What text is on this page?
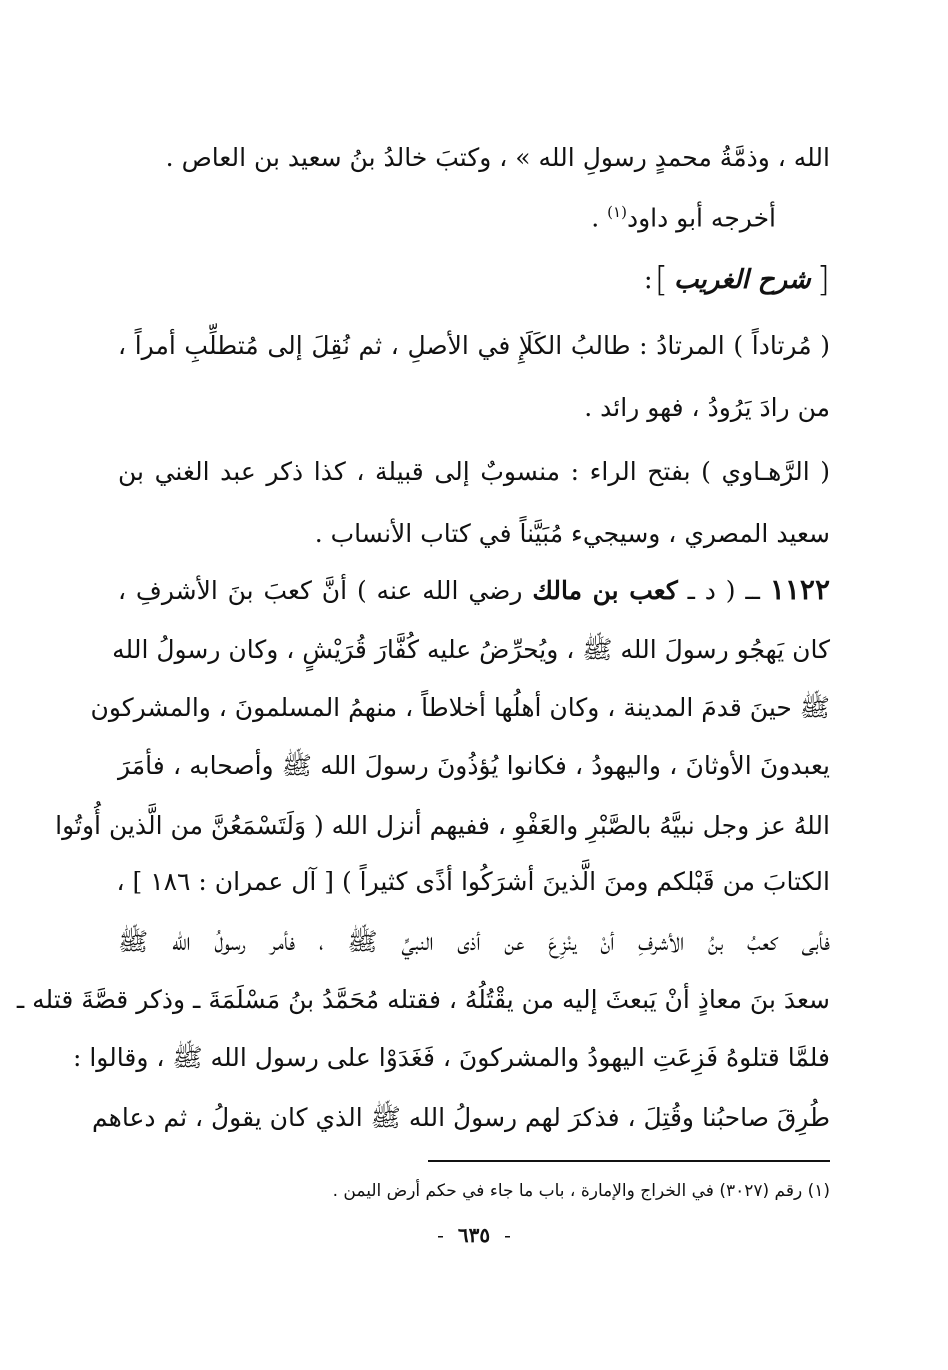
الله ، وذمَّةُ محمدٍ رسولِ الله » ، وكتبَ خالدُ بنُ سعيد بن العاص .
أخرجه أبو داود$^{(١)}$ .
[
شرح الغريب
]
:
( مُرتاداً ) المرتادُ : طالبُ الكَلَإِ في الأصلِ ، ثم نُقِلَ إلى مُتطلِّبِ أمراً ،
من رادَ يَرُودُ ، فهو رائد .
( الرَّهـاوي ) بفتح الراء : منسوبٌ إلى قبيلة ، كذا ذكر عبد الغني بن
سعيد المصري ، وسيجيء مُبَيَّناً في كتاب الأنساب .
١١٢٢ ــ ( د ـ كعب بن مالك رضي الله عنه ) أنَّ كعبَ بنَ الأشرفِ ،
كان يَهجُو رسولَ الله ﷺ ، ويُحرِّضُ عليه كُفَّارَ قُرَيْشٍ ، وكان رسولُ الله
ﷺ حينَ قدمَ المدينة ، وكان أهلُها أخلاطاً ، منهمُ المسلمونَ ، والمشركون
يعبدونَ الأوثانَ ، واليهودُ ، فكانوا يُؤذُونَ رسولَ الله ﷺ وأصحابه ، فأمَرَ
اللهُ عز وجل نبيَّهُ بالصَّبْرِ والعَفْوِ ، ففيهم أنزل الله ( وَلَتَسْمَعُنَّ من الَّذين أُوتُوا
الكتابَ من قَبْلكم ومنَ الَّذينَ أشرَكُوا أذًى كثيراً ) [ آل عمران : ١٨٦ ] ،
فأبى كعبُ بنُ الأشرفِ أنْ ينْزِعَ عن أذى النبيِّ ﷺ ، فأمر رسولُ الله ﷺ
سعدَ بنَ معاذٍ أنْ يَبعثَ إليه من يقْتُلُهُ ، فقتله مُحَمَّدُ بنُ مَسْلَمَةَ ـ وذكر قصَّةَ قتله ـ
فلمَّا قتلوهُ فَزِعَتِ اليهودُ والمشركونَ ، فَغَدَوْا على رسول الله ﷺ ، وقالوا :
طُرِقَ صاحبُنا وقُتِلَ ، فذكرَ لهم رسولُ الله ﷺ الذي كان يقولُ ، ثم دعاهم
(١) رقم (٣٠٢٧) في الخراج والإمارة ، باب ما جاء في حكم أرض اليمن .
-٦٣٥-
